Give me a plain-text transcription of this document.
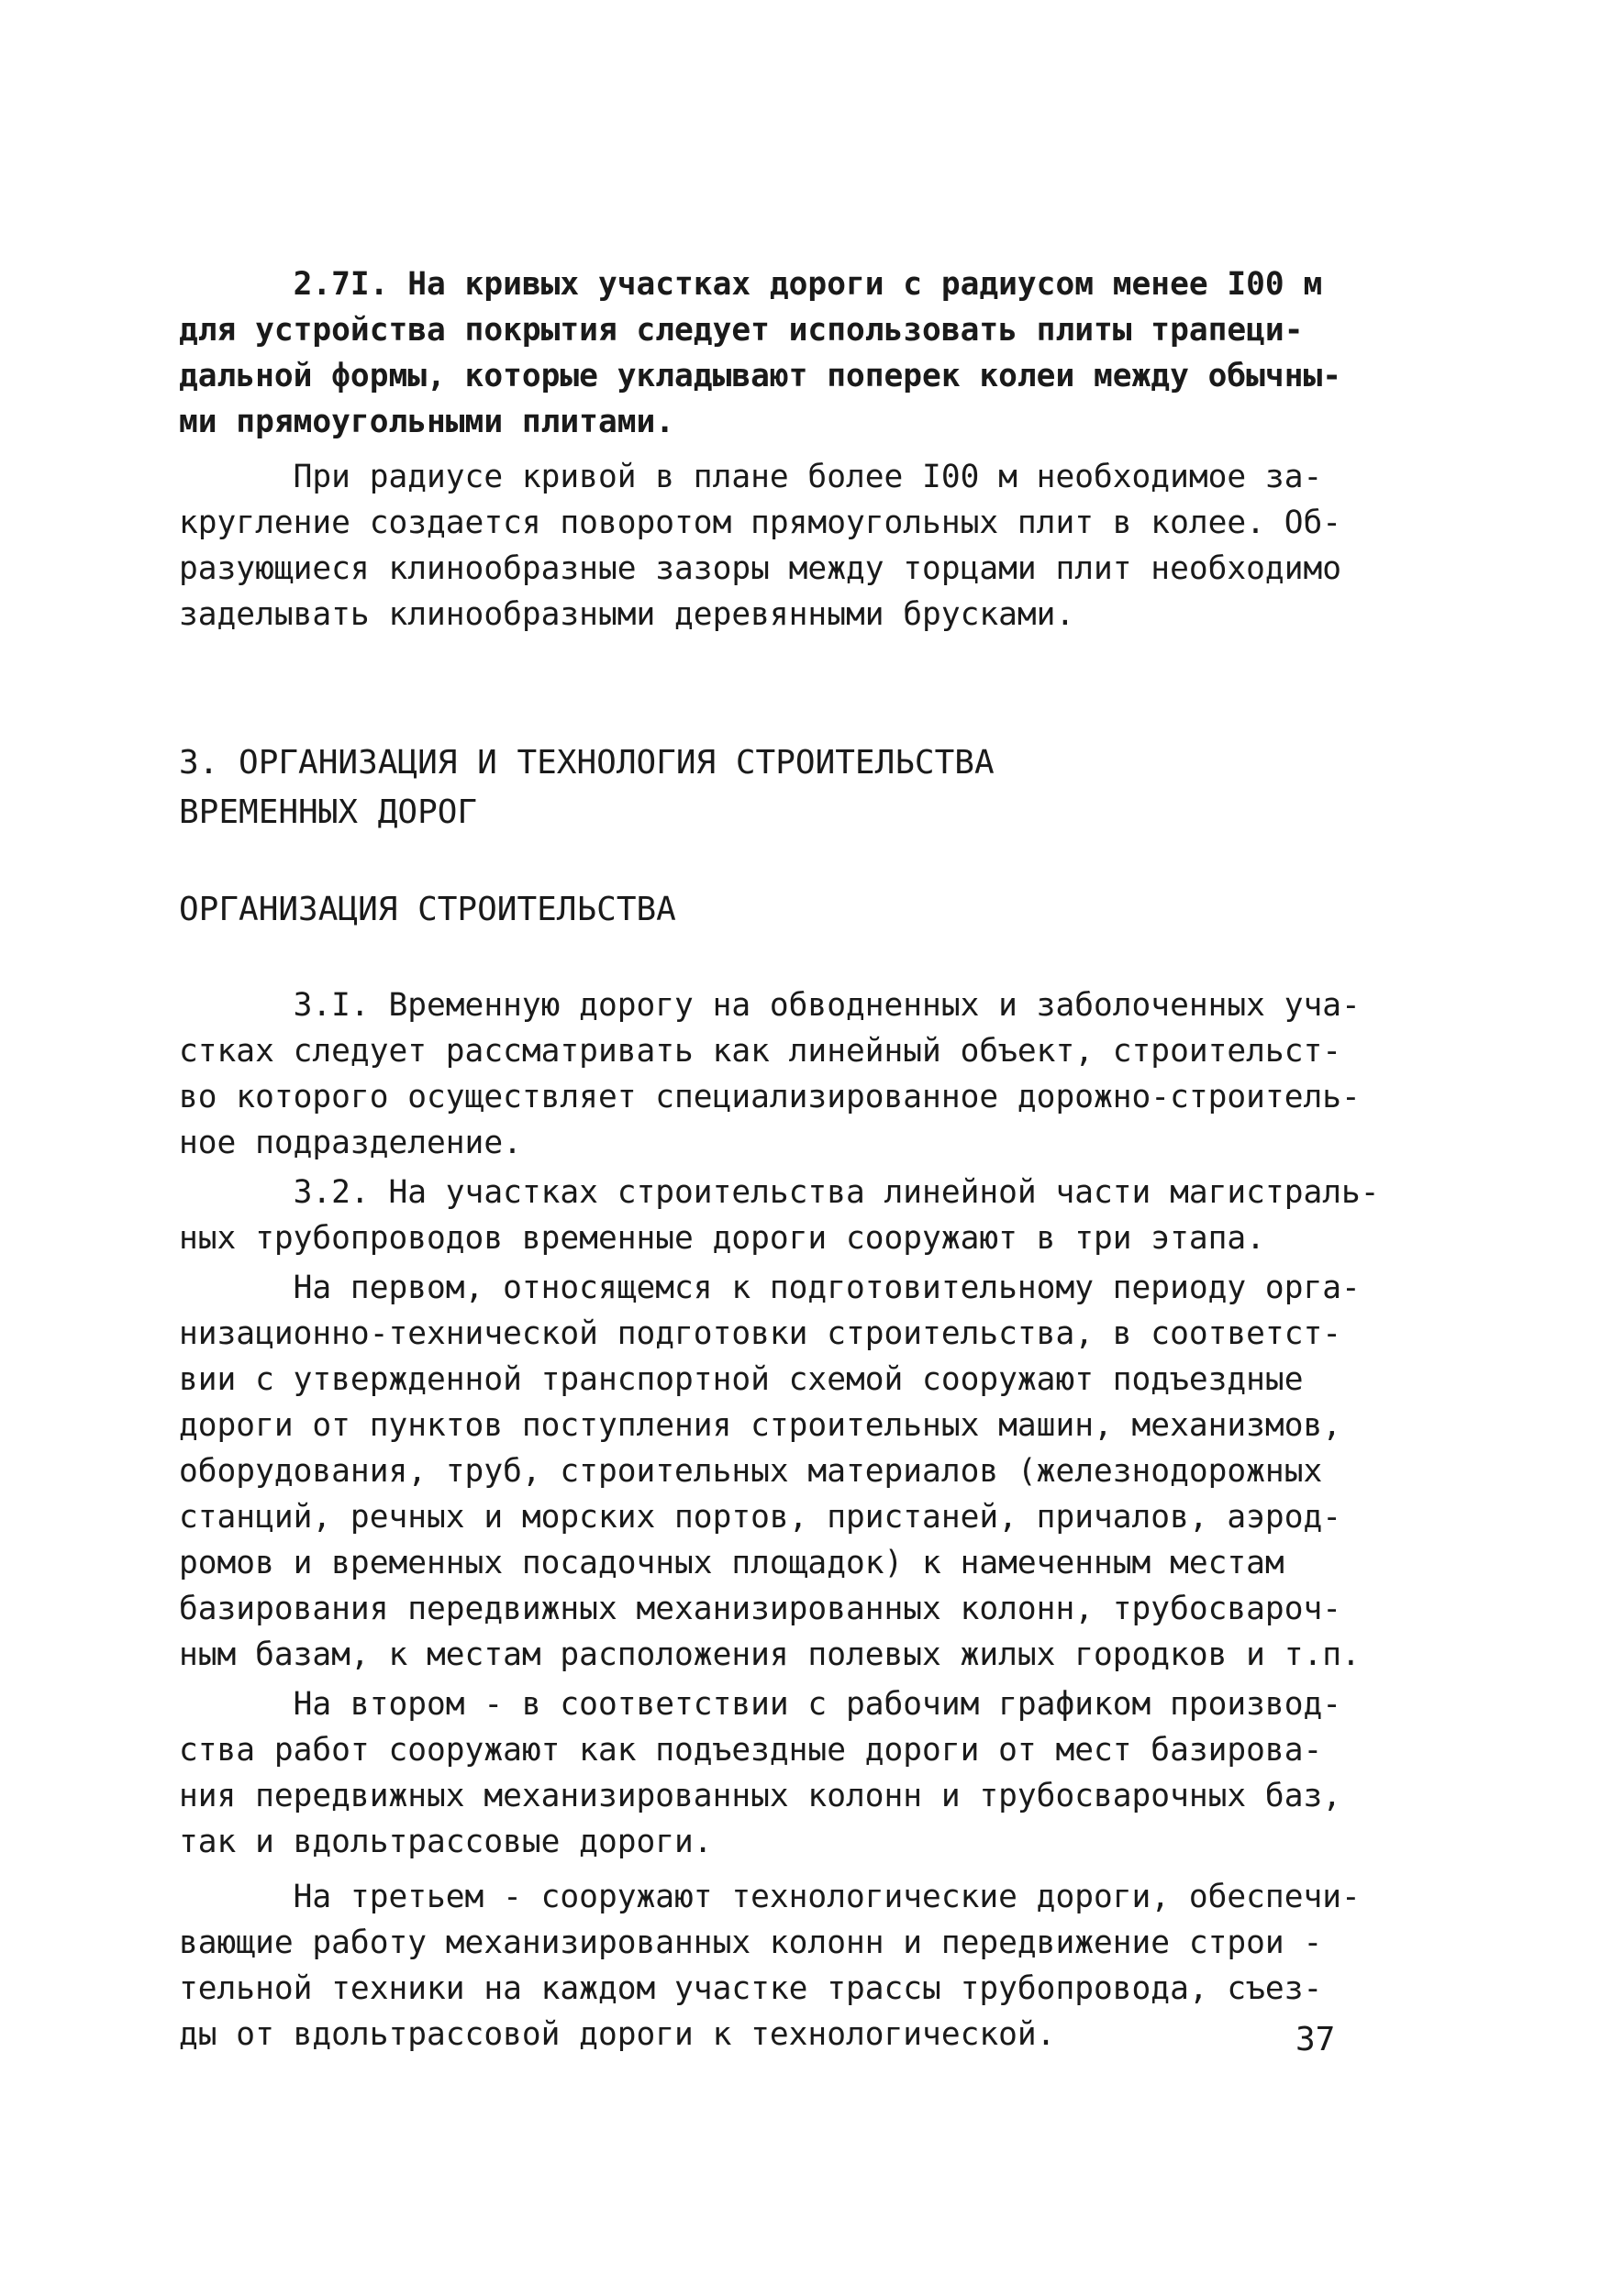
2.7I. На кривых участках дороги с радиусом менее I00 м
для устройства покрытия следует использовать плиты трапеци-
дальной формы, которые укладывают поперек колеи между обычны-
ми прямоугольными плитами.
При радиусе кривой в плане более I00 м необходимое за-
кругление создается поворотом прямоугольных плит в колее. Об-
разующиеся клинообразные зазоры между торцами плит необходимо
заделывать клинообразными деревянными брусками.
3. ОРГАНИЗАЦИЯ И ТЕХНОЛОГИЯ СТРОИТЕЛЬСТВА
ВРЕМЕННЫХ ДОРОГ
ОРГАНИЗАЦИЯ СТРОИТЕЛЬСТВА
3.I. Временную дорогу на обводненных и заболоченных уча-
стках следует рассматривать как линейный объект, строительст-
во которого осуществляет специализированное дорожно-строитель-
ное подразделение.
3.2. На участках строительства линейной части магистраль-
ных трубопроводов временные дороги сооружают в три этапа.
На первом, относящемся к подготовительному периоду орга-
низационно-технической подготовки строительства, в соответст-
вии с утвержденной транспортной схемой сооружают подъездные
дороги от пунктов поступления строительных машин, механизмов,
оборудования, труб, строительных материалов (железнодорожных
станций, речных и морских портов, пристаней, причалов, аэрод-
ромов и временных посадочных площадок) к намеченным местам
базирования передвижных механизированных колонн, трубосвароч-
ным базам, к местам расположения полевых жилых городков и т.п.
На втором - в соответствии с рабочим графиком производ-
ства работ сооружают как подъездные дороги от мест базирова-
ния передвижных механизированных колонн и трубосварочных баз,
так и вдольтрассовые дороги.
На третьем - сооружают технологические дороги, обеспечи-
вающие работу механизированных колонн и передвижение строи -
тельной техники на каждом участке трассы трубопровода, съез-
ды от вдольтрассовой дороги к технологической.	37
